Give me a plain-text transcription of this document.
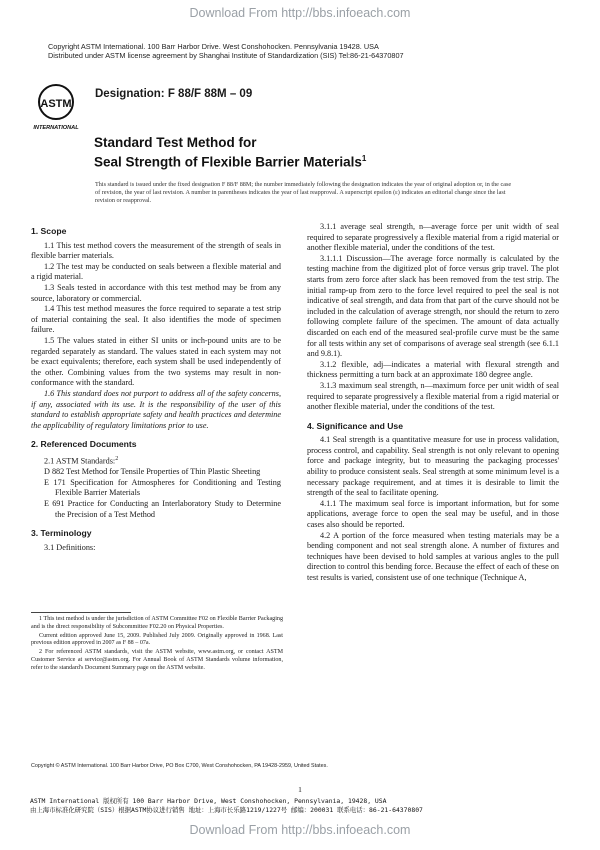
Download From http://bbs.infoeach.com
Copyright ASTM International. 100 Barr Harbor Drive. West Conshohocken. Pennsylvania 19428. USA
Distributed under ASTM license agreement by Shanghai Institute of Standardization (SIS) Tel:86-21-64370807
ASTM
INTERNATIONAL
Designation: F 88/F 88M – 09
Standard Test Method for
Seal Strength of Flexible Barrier Materials$^1$
This standard is issued under the fixed designation F 88/F 88M; the number immediately following the designation indicates the year of original adoption or, in the case of revision, the year of last revision. A number in parentheses indicates the year of last reapproval. A superscript epsilon (ε) indicates an editorial change since the last revision or reapproval.
1. Scope

1.1 This test method covers the measurement of the strength of seals in flexible barrier materials.

1.2 The test may be conducted on seals between a flexible material and a rigid material.

1.3 Seals tested in accordance with this test method may be from any source, laboratory or commercial.

1.4 This test method measures the force required to separate a test strip of material containing the seal. It also identifies the mode of specimen failure.

1.5 The values stated in either SI units or inch-pound units are to be regarded separately as standard. The values stated in each system may not be exact equivalents; therefore, each system shall be used independently of the other. Combining values from the two systems may result in non-conformance with the standard.

1.6 This standard does not purport to address all of the safety concerns, if any, associated with its use. It is the responsibility of the user of this standard to establish appropriate safety and health practices and determine the applicability of regulatory limitations prior to use.

2. Referenced Documents

2.1 ASTM Standards:$^2$

D 882 Test Method for Tensile Properties of Thin Plastic Sheeting

E 171 Specification for Atmospheres for Conditioning and Testing Flexible Barrier Materials

E 691 Practice for Conducting an Interlaboratory Study to Determine the Precision of a Test Method

3. Terminology

3.1 Definitions:

1 This test method is under the jurisdiction of ASTM Committee F02 on Flexible Barrier Packaging and is the direct responsibility of Subcommittee F02.20 on Physical Properties.

Current edition approved June 15, 2009. Published July 2009. Originally approved in 1968. Last previous edition approved in 2007 as F 88 – 07a.

2 For referenced ASTM standards, visit the ASTM website, www.astm.org, or contact ASTM Customer Service at service@astm.org. For Annual Book of ASTM Standards volume information, refer to the standard's Document Summary page on the ASTM website.

3.1.1 average seal strength, n—average force per unit width of seal required to separate progressively a flexible material from a rigid material or another flexible material, under the conditions of the test.

3.1.1.1 Discussion—The average force normally is calculated by the testing machine from the digitized plot of force versus grip travel. The plot starts from zero force after slack has been removed from the test strip. The initial ramp-up from zero to the force level required to peel the seal is not indicative of seal strength, and data from that part of the curve should not be included in the calculation of average strength, nor should the return to zero following complete failure of the specimen. The amount of data actually discarded on each end of the measured seal-profile curve must be the same for all tests within any set of comparisons of average seal strength (see 6.1.1 and 9.8.1).

3.1.2 flexible, adj—indicates a material with flexural strength and thickness permitting a turn back at an approximate 180 degree angle.

3.1.3 maximum seal strength, n—maximum force per unit width of seal required to separate progressively a flexible material from a rigid material or another flexible material, under the conditions of the test.

4. Significance and Use

4.1 Seal strength is a quantitative measure for use in process validation, process control, and capability. Seal strength is not only relevant to opening force and package integrity, but to measuring the packaging processes' ability to produce consistent seals. Seal strength at some minimum level is a necessary package requirement, and at times it is desirable to limit the strength of the seal to facilitate opening.

4.1.1 The maximum seal force is important information, but for some applications, average force to open the seal may be useful, and in those cases also should be reported.

4.2 A portion of the force measured when testing materials may be a bending component and not seal strength alone. A number of fixtures and techniques have been devised to hold samples at various angles to the pull direction to control this bending force. Because the effect of each of these on test results is varied, consistent use of one technique (Technique A,

Copyright © ASTM International. 100 Barr Harbor Drive, PO Box C700, West Conshohocken, PA 19428-2959, United States.
1
ASTM International 版权所有 100 Barr Harbor Drive, West Conshohocken, Pennsylvania, 19428, USA
由上海市标准化研究院（SIS）根据ASTM协议进行销售 地址：上海市长乐路1219/1227号 邮编：200031 联系电话：86-21-64370807
Download From http://bbs.infoeach.com
